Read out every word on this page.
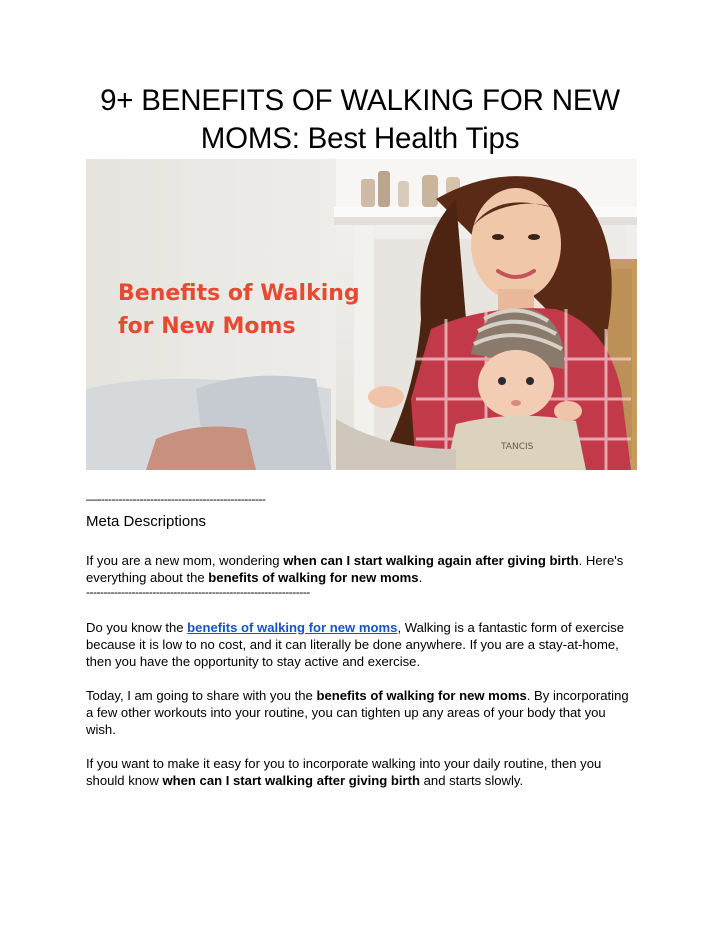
9+ BENEFITS OF WALKING FOR NEW MOMS: Best Health Tips
TANCIS
Benefits of Walking
for New Moms
—------------------------------------------------
Meta Descriptions

If you are a new mom, wondering when can I start walking again after giving birth. Here's everything about the benefits of walking for new moms.

----------------------------------------------------------------

Do you know the benefits of walking for new moms, Walking is a fantastic form of exercise because it is low to no cost, and it can literally be done anywhere. If you are a stay-at-home, then you have the opportunity to stay active and exercise.

Today, I am going to share with you the benefits of walking for new moms. By incorporating a few other workouts into your routine, you can tighten up any areas of your body that you wish.

If you want to make it easy for you to incorporate walking into your daily routine, then you should know when can I start walking after giving birth and starts slowly.
